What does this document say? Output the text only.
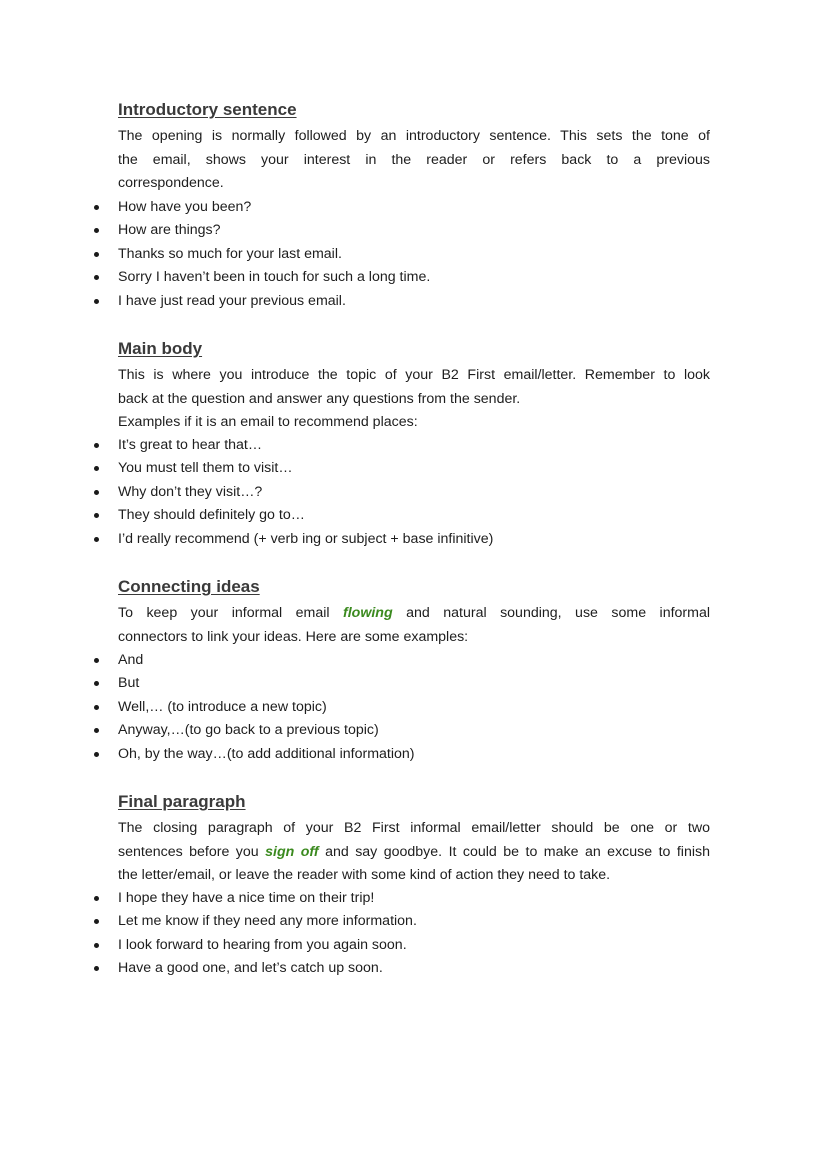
Introductory sentence
The opening is normally followed by an introductory sentence. This sets the tone of
the email, shows your interest in the reader or refers back to a previous
correspondence.
How have you been?
How are things?
Thanks so much for your last email.
Sorry I haven’t been in touch for such a long time.
I have just read your previous email.
Main body
This is where you introduce the topic of your B2 First email/letter. Remember to look
back at the question and answer any questions from the sender.
Examples if it is an email to recommend places:
It’s great to hear that…
You must tell them to visit…
Why don’t they visit…?
They should definitely go to…
I’d really recommend (+ verb ing or subject + base infinitive)
Connecting ideas
To keep your informal email flowing and natural sounding, use some informal
connectors to link your ideas. Here are some examples:
And
But
Well,… (to introduce a new topic)
Anyway,…(to go back to a previous topic)
Oh, by the way…(to add additional information)
Final paragraph
The closing paragraph of your B2 First informal email/letter should be one or two
sentences before you sign off and say goodbye. It could be to make an excuse to finish
the letter/email, or leave the reader with some kind of action they need to take.
I hope they have a nice time on their trip!
Let me know if they need any more information.
I look forward to hearing from you again soon.
Have a good one, and let’s catch up soon.
